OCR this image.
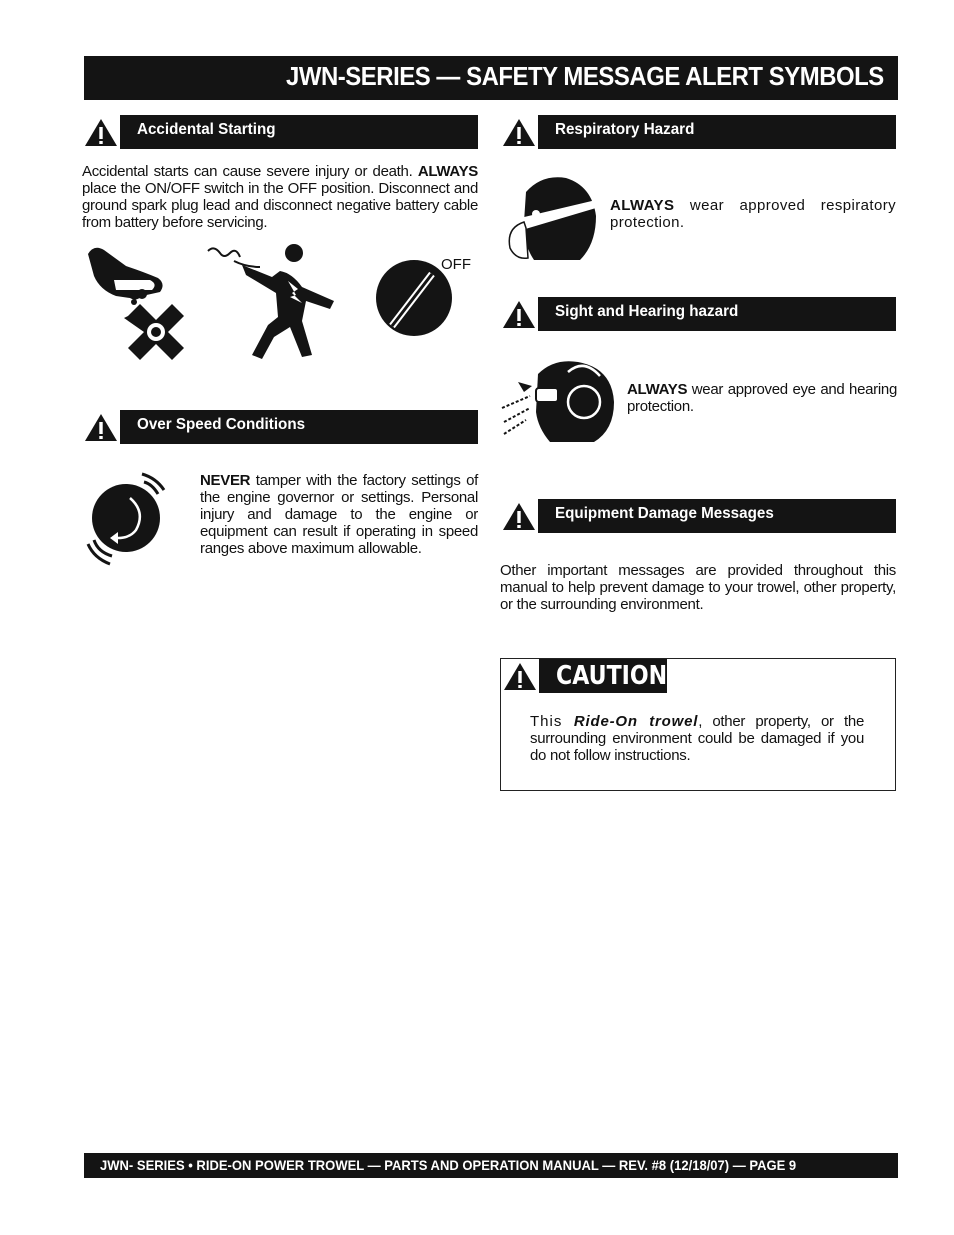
JWN-SERIES — SAFETY MESSAGE ALERT SYMBOLS
Accidental Starting
Accidental starts can cause severe injury or death. ALWAYS place the ON/OFF switch in the OFF position. Disconnect and ground spark plug lead and disconnect negative battery cable from battery before servicing.
OFF
Over Speed Conditions
NEVER tamper with the factory settings of the engine governor or settings. Personal injury and damage to the engine or equipment can result if operating in speed ranges above maximum allowable.
Respiratory Hazard
ALWAYS wear approved respiratory protection.
Sight and Hearing hazard
ALWAYS wear approved eye and hearing protection.
Equipment Damage Messages
Other important messages are provided throughout this manual to help prevent damage to your trowel, other property, or the surrounding environment.
CAUTION
This Ride-On trowel, other property, or the surrounding environment could be damaged if you do not follow instructions.
JWN- SERIES • RIDE-ON POWER TROWEL — PARTS AND OPERATION MANUAL — REV. #8 (12/18/07) — PAGE 9
